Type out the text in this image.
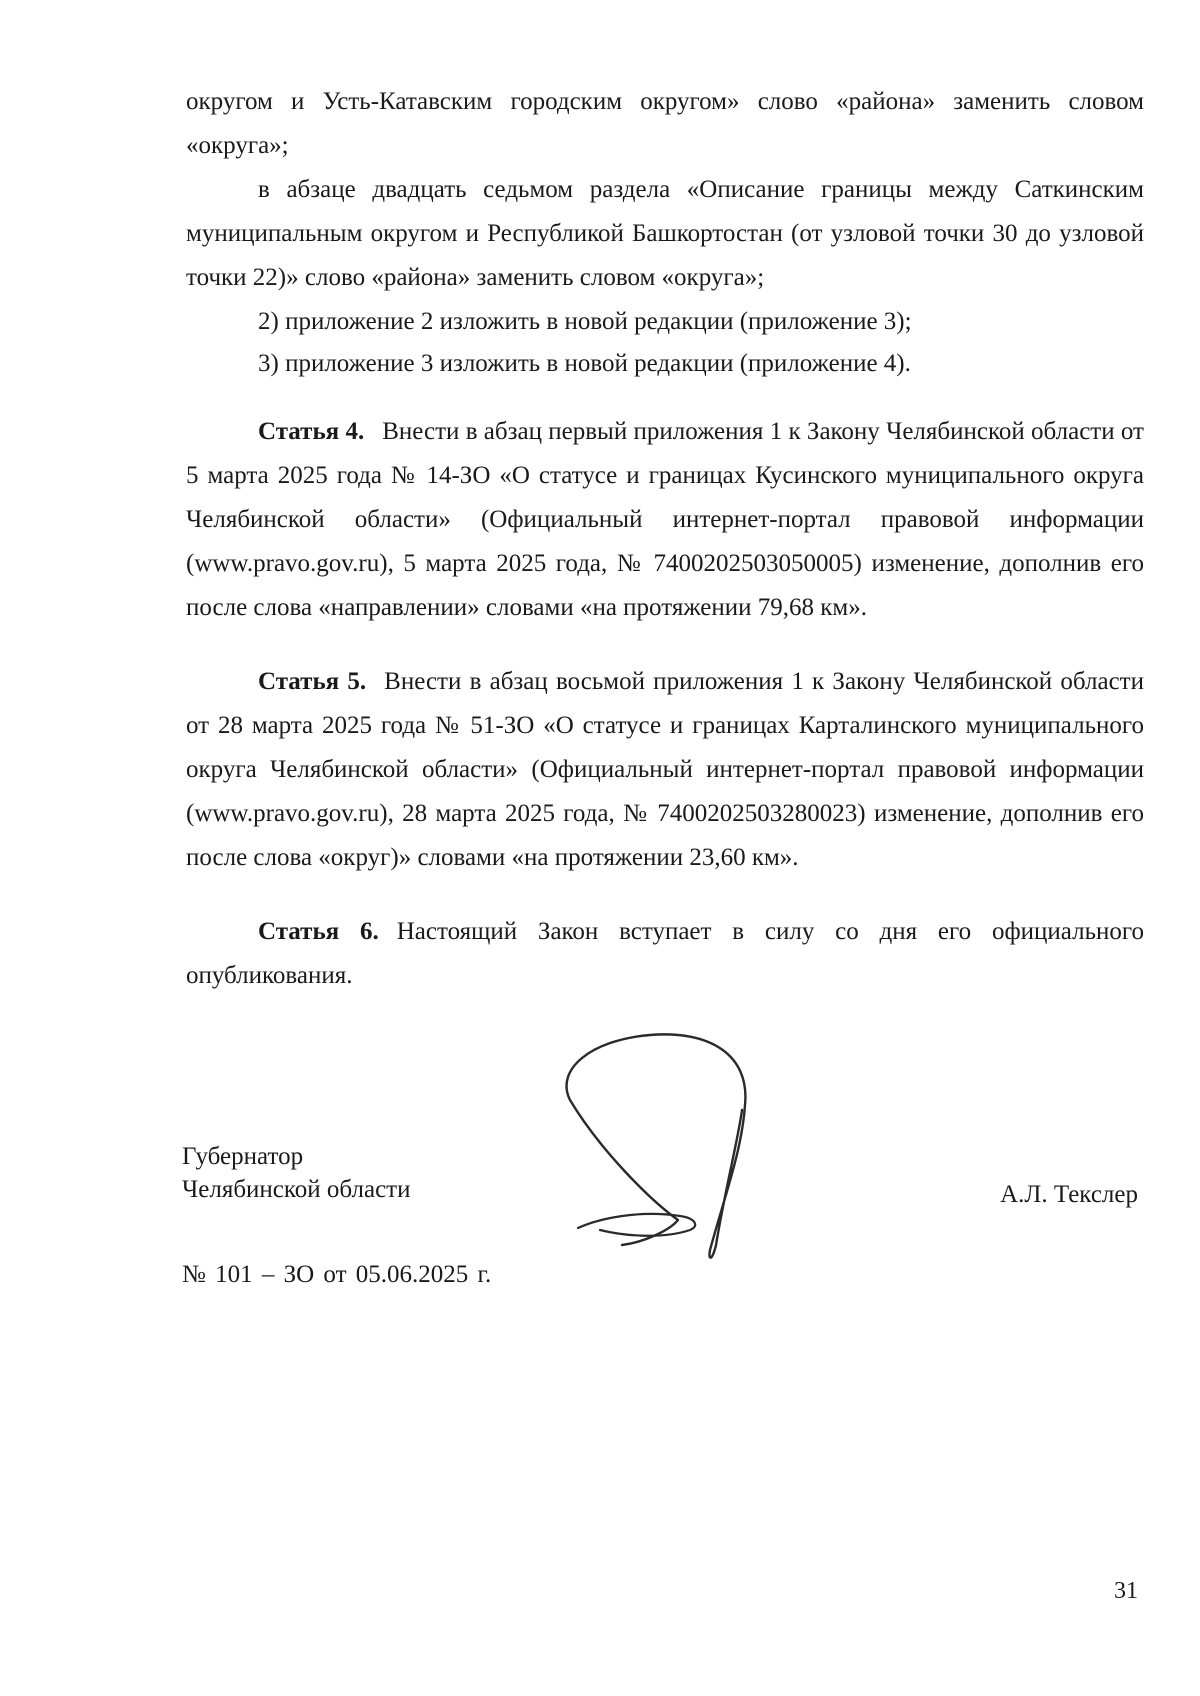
округом и Усть-Катавским городским округом» слово «района» заменить словом «округа»;

в абзаце двадцать седьмом раздела «Описание границы между Саткинским муниципальным округом и Республикой Башкортостан (от узловой точки 30 до узловой точки 22)» слово «района» заменить словом «округа»;

2) приложение 2 изложить в новой редакции (приложение 3);

3) приложение 3 изложить в новой редакции (приложение 4).

Статья 4. Внести в абзац первый приложения 1 к Закону Челябинской области от 5 марта 2025 года № 14-ЗО «О статусе и границах Кусинского муниципального округа Челябинской области» (Официальный интернет-портал правовой информации (www.pravo.gov.ru), 5 марта 2025 года, № 7400202503050005) изменение, дополнив его после слова «направлении» словами «на протяжении 79,68 км».

Статья 5. Внести в абзац восьмой приложения 1 к Закону Челябинской области от 28 марта 2025 года № 51-ЗО «О статусе и границах Карталинского муниципального округа Челябинской области» (Официальный интернет-портал правовой информации (www.pravo.gov.ru), 28 марта 2025 года, № 7400202503280023) изменение, дополнив его после слова «округ)» словами «на протяжении 23,60 км».

Статья 6. Настоящий Закон вступает в силу со дня его официального опубликования.

Губернатор
Челябинской области	А.Л. Текслер
№ 101 – ЗО от 05.06.2025 г.
31
